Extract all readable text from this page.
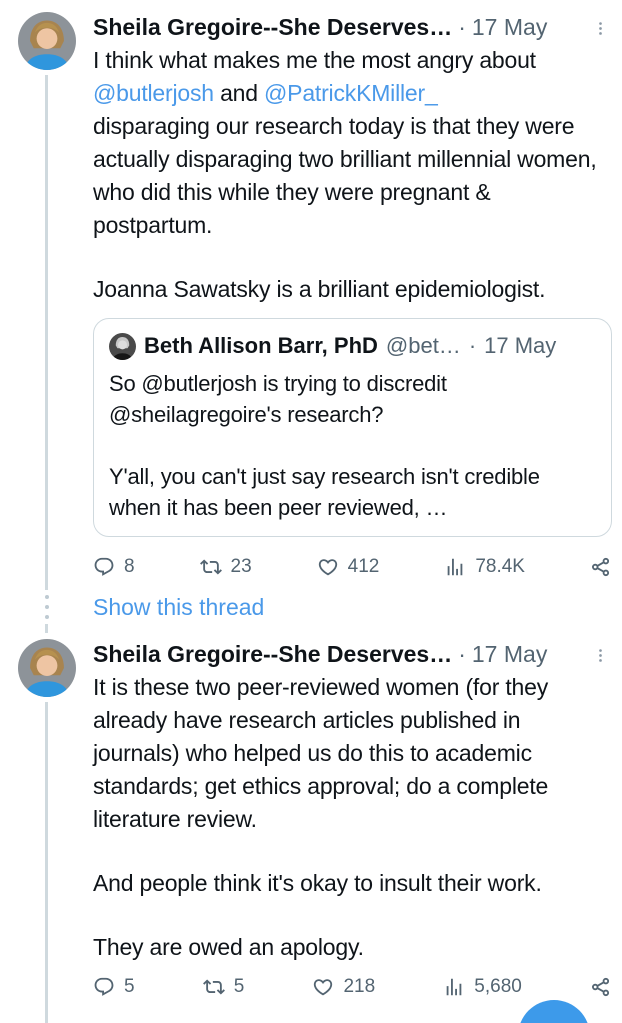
Sheila Gregoire--She Deserves… · 17 May

I think what makes me the most angry about @butlerjosh and @PatrickKMiller_
disparaging our research today is that they were actually disparaging two brilliant millennial women, who did this while they were pregnant & postpartum.

Joanna Sawatsky is a brilliant epidemiologist.

Beth Allison Barr, PhD @bet… · 17 May

So @butlerjosh is trying to discredit @sheilagregoire's research?

Y'all, you can't just say research isn't credible when it has been peer reviewed, …

8	23	412	78.4K
Show this thread
Sheila Gregoire--She Deserves… · 17 May

It is these two peer-reviewed women (for they already have research articles published in journals) who helped us do this to academic standards; get ethics approval; do a complete literature review.

And people think it's okay to insult their work.

They are owed an apology.

5	5	218	5,680
